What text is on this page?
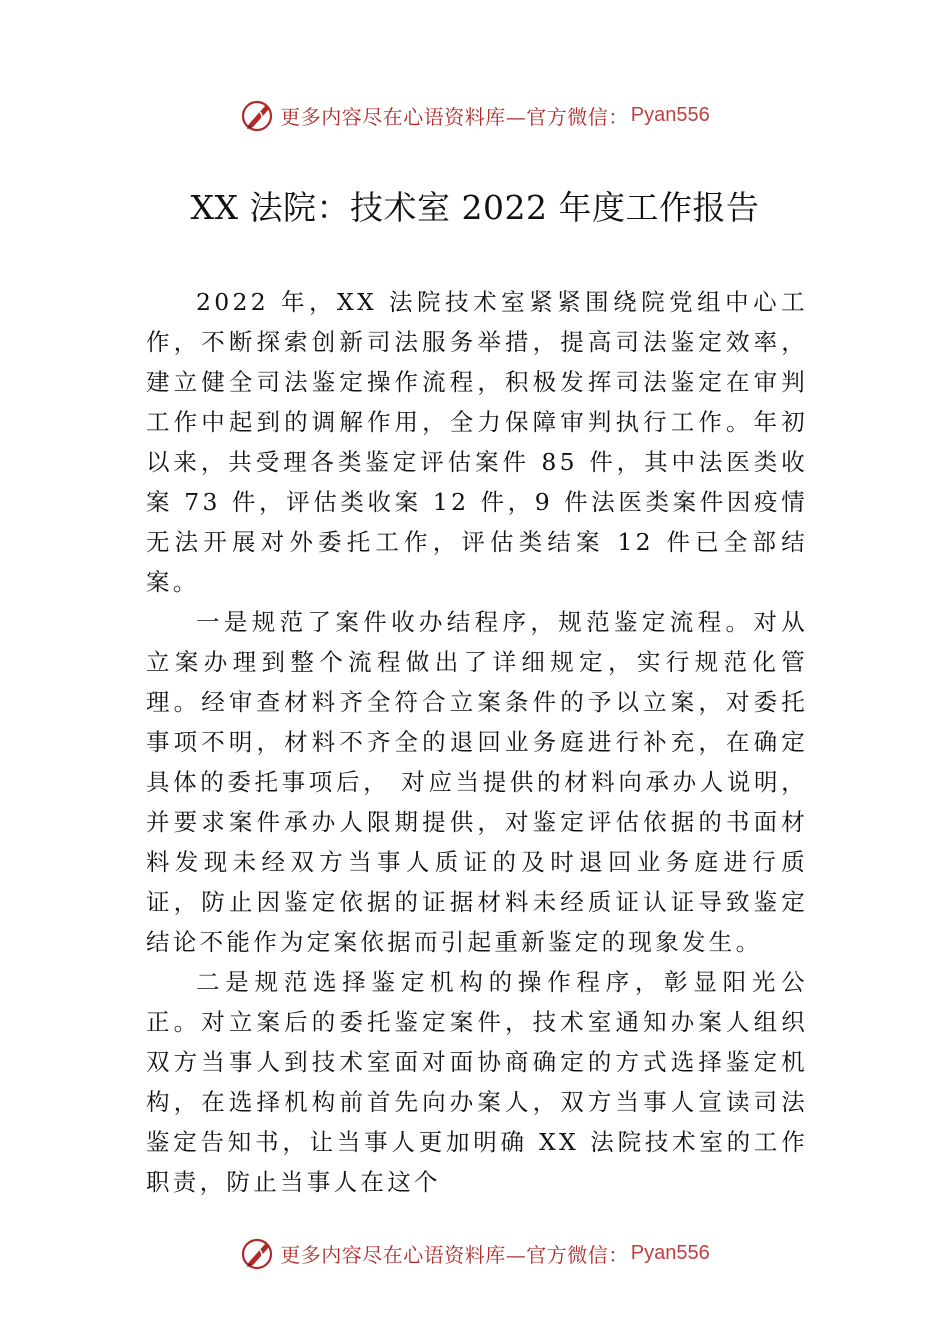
更多内容尽在心语资料库—官方微信： Pyan556
XX 法院：技术室 2022 年度工作报告

2022 年，XX 法院技术室紧紧围绕院党组中心工作，不断探索创新司法服务举措，提高司法鉴定效率，建立健全司法鉴定操作流程，积极发挥司法鉴定在审判工作中起到的调解作用，全力保障审判执行工作。年初以来，共受理各类鉴定评估案件 85 件，其中法医类收案 73 件，评估类收案 12 件，9 件法医类案件因疫情无法开展对外委托工作，评估类结案 12 件已全部结案。

一是规范了案件收办结程序，规范鉴定流程。对从立案办理到整个流程做出了详细规定，实行规范化管理。经审查材料齐全符合立案条件的予以立案，对委托事项不明，材料不齐全的退回业务庭进行补充，在确定具体的委托事项后， 对应当提供的材料向承办人说明，并要求案件承办人限期提供，对鉴定评估依据的书面材料发现未经双方当事人质证的及时退回业务庭进行质证，防止因鉴定依据的证据材料未经质证认证导致鉴定结论不能作为定案依据而引起重新鉴定的现象发生。

二是规范选择鉴定机构的操作程序，彰显阳光公正。对立案后的委托鉴定案件，技术室通知办案人组织双方当事人到技术室面对面协商确定的方式选择鉴定机构，在选择机构前首先向办案人，双方当事人宣读司法鉴定告知书，让当事人更加明确 XX 法院技术室的工作职责，防止当事人在这个

更多内容尽在心语资料库—官方微信： Pyan556
